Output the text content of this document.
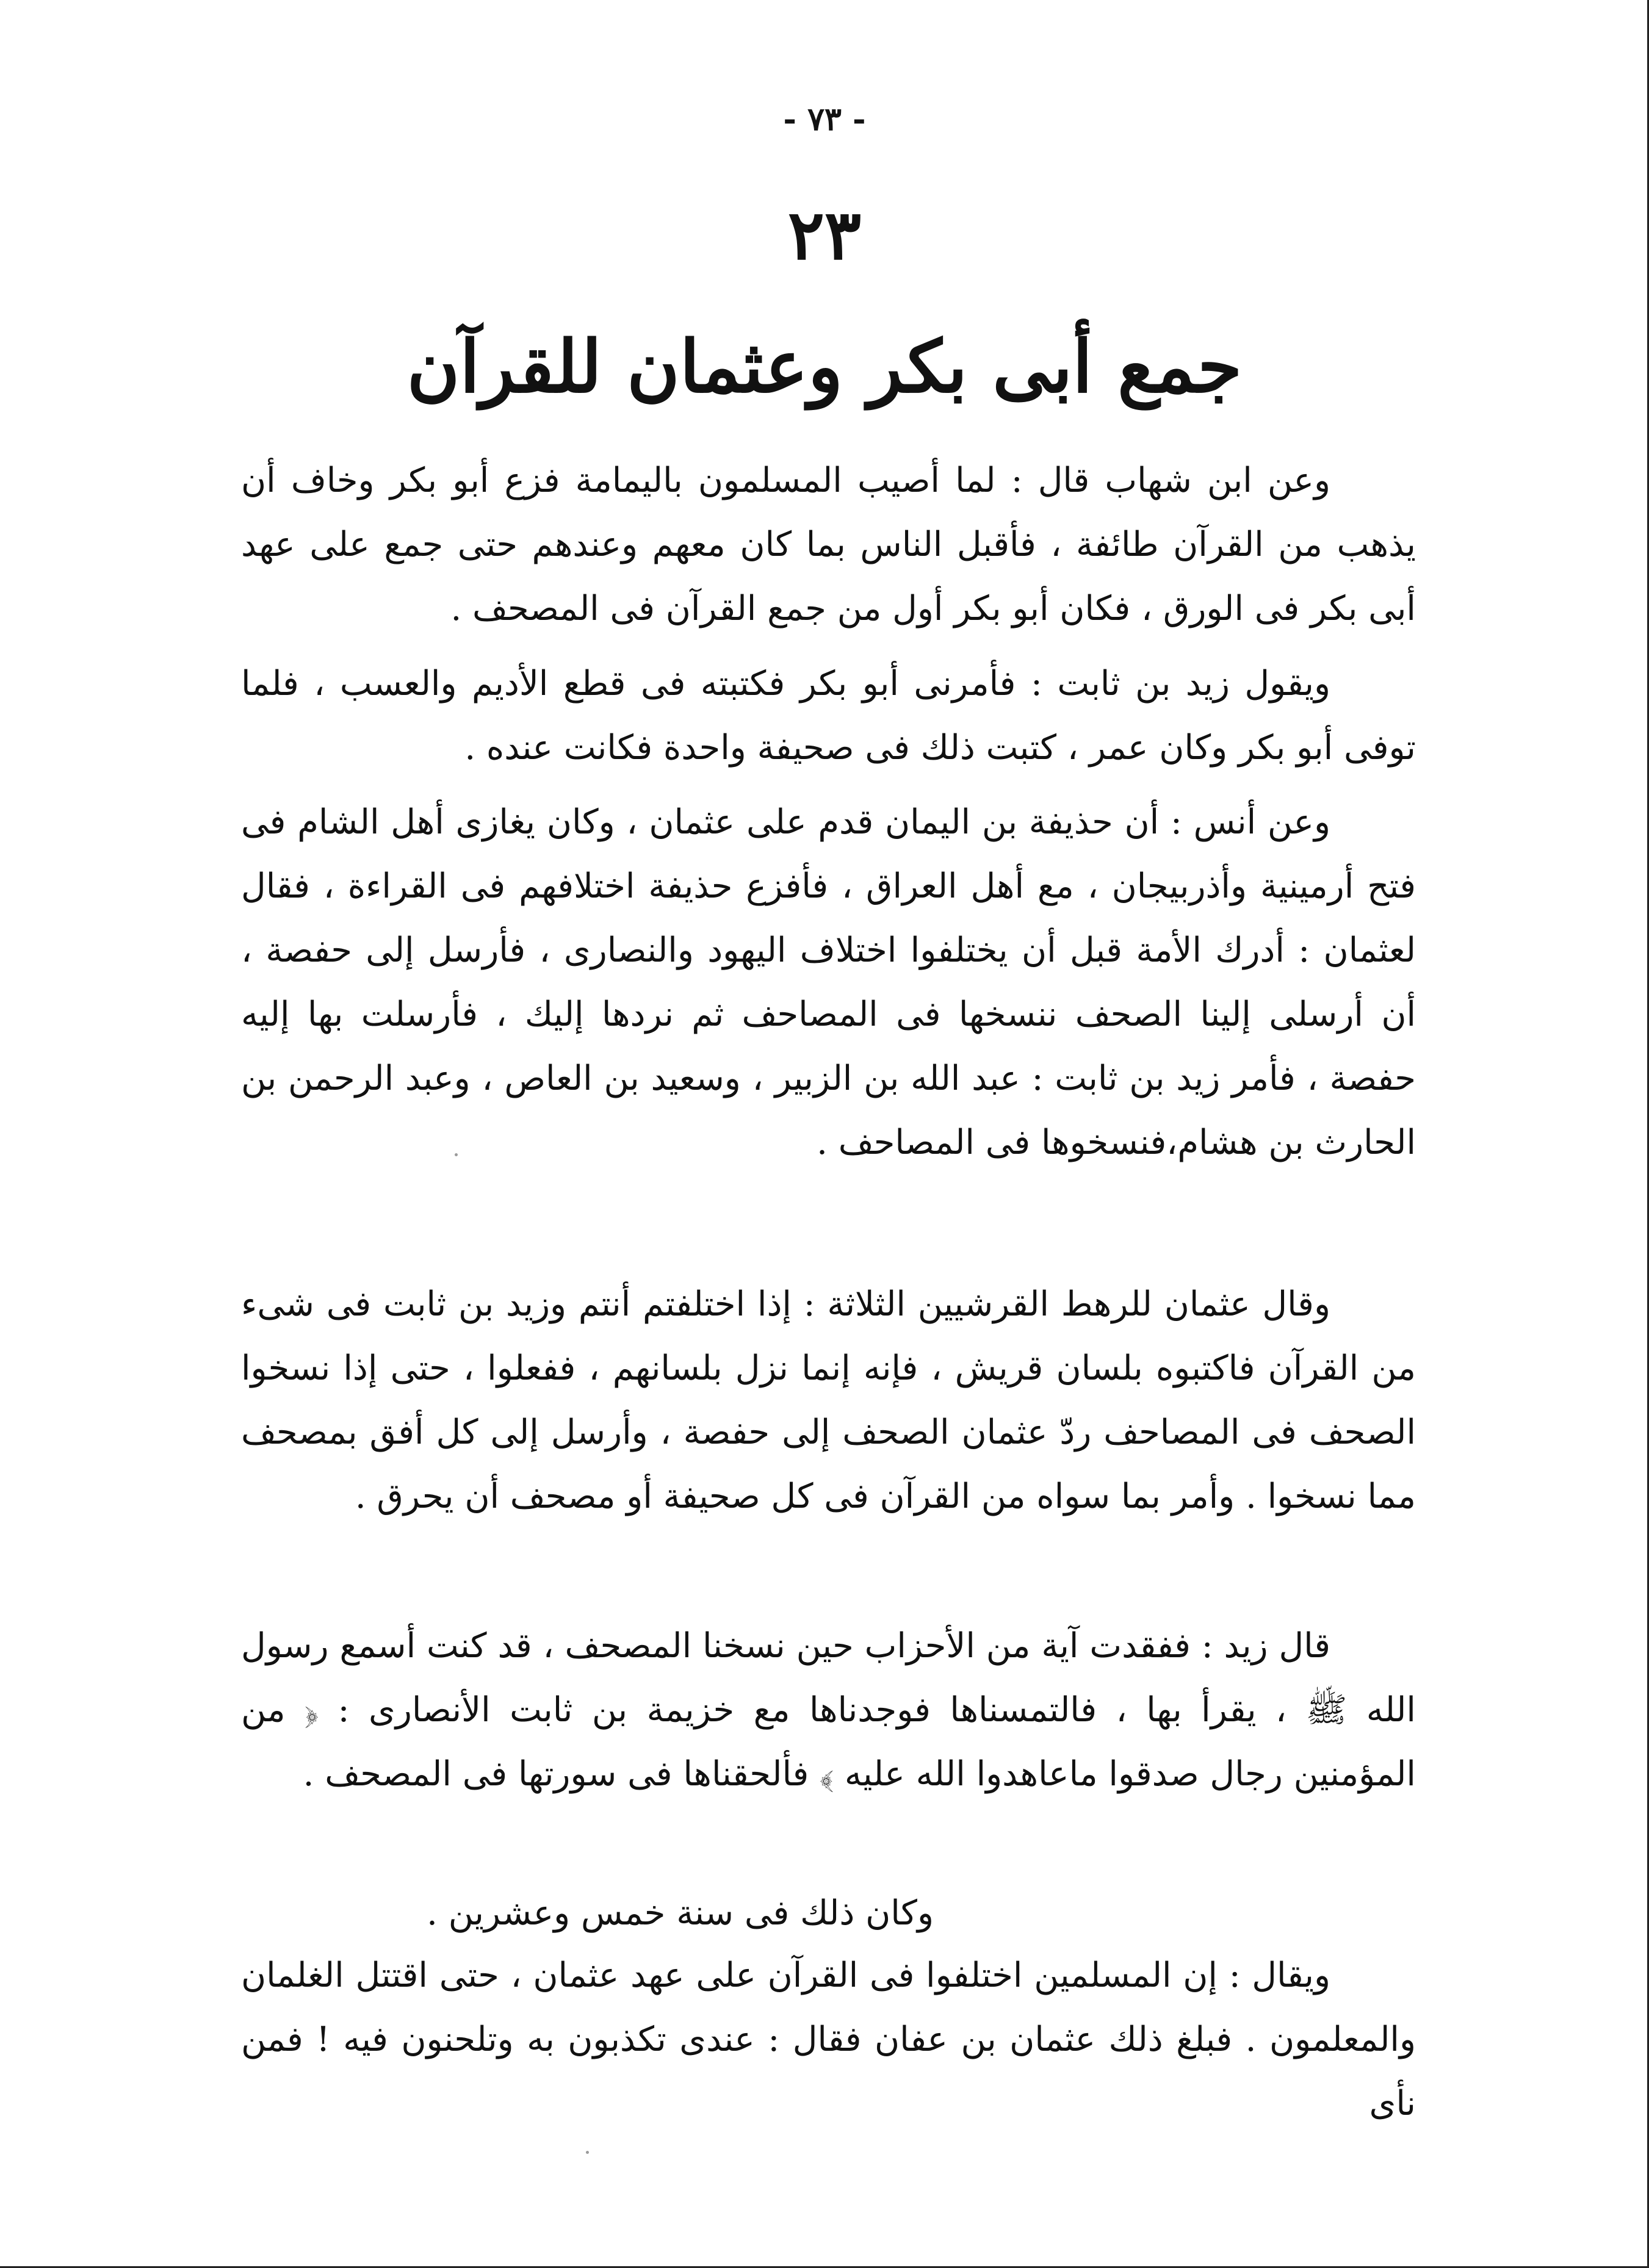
- ٧٣ -
٢٣
جمع أبى بكر وعثمان للقرآن

وعن ابن شهاب قال : لما أصيب المسلمون باليمامة فزع أبو بكر وخاف أن يذهب من القرآن طائفة ، فأقبل الناس بما كان معهم وعندهم حتى جمع على عهد أبى بكر فى الورق ، فكان أبو بكر أول من جمع القرآن فى المصحف .

ويقول زيد بن ثابت : فأمرنى أبو بكر فكتبته فى قطع الأديم والعسب ، فلما توفى أبو بكر وكان عمر ، كتبت ذلك فى صحيفة واحدة فكانت عنده .

وعن أنس : أن حذيفة بن اليمان قدم على عثمان ، وكان يغازى أهل الشام فى فتح أرمينية وأذربيجان ، مع أهل العراق ، فأفزع حذيفة اختلافهم فى القراءة ، فقال لعثمان : أدرك الأمة قبل أن يختلفوا اختلاف اليهود والنصارى ، فأرسل إلى حفصة ، أن أرسلى إلينا الصحف ننسخها فى المصاحف ثم نردها إليك ، فأرسلت بها إليه حفصة ، فأمر زيد بن ثابت : عبد الله بن الزبير ، وسعيد بن العاص ، وعبد الرحمن بن الحارث بن هشام،فنسخوها فى المصاحف .

وقال عثمان للرهط القرشيين الثلاثة : إذا اختلفتم أنتم وزيد بن ثابت فى شىء من القرآن فاكتبوه بلسان قريش ، فإنه إنما نزل بلسانهم ، ففعلوا ، حتى إذا نسخوا الصحف فى المصاحف ردّ عثمان الصحف إلى حفصة ، وأرسل إلى كل أفق بمصحف مما نسخوا . وأمر بما سواه من القرآن فى كل صحيفة أو مصحف أن يحرق .

قال زيد : ففقدت آية من الأحزاب حين نسخنا المصحف ، قد كنت أسمع رسول الله ﷺ ، يقرأ بها ، فالتمسناها فوجدناها مع خزيمة بن ثابت الأنصارى : ﴿ من المؤمنين رجال صدقوا ماعاهدوا الله عليه ﴾ فألحقناها فى سورتها فى المصحف .

وكان ذلك فى سنة خمس وعشرين .

ويقال : إن المسلمين اختلفوا فى القرآن على عهد عثمان ، حتى اقتتل الغلمان والمعلمون . فبلغ ذلك عثمان بن عفان فقال : عندى تكذبون به وتلحنون فيه ! فمن نأى
